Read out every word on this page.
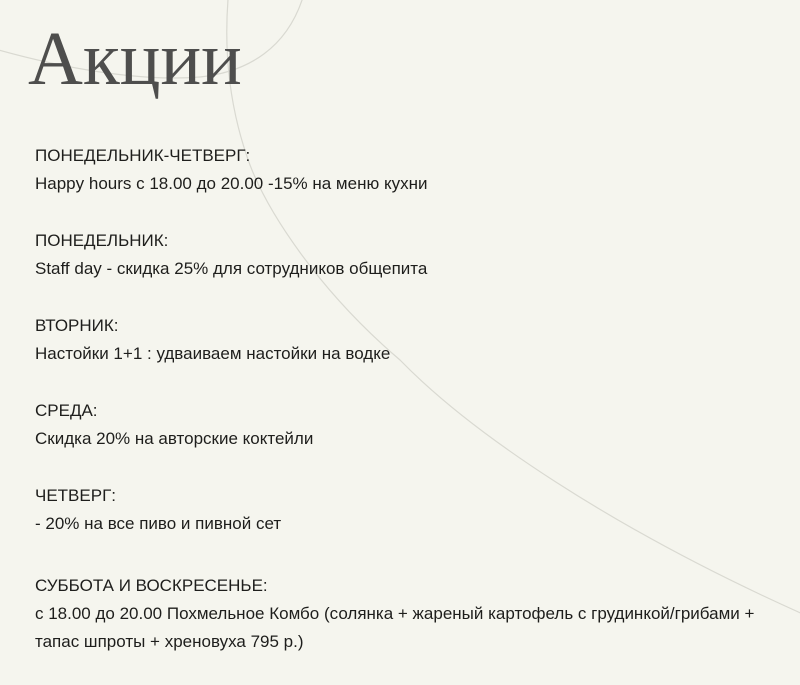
Акции

ПОНЕДЕЛЬНИК-ЧЕТВЕРГ:

Happy hours с 18.00 до 20.00 -15% на меню кухни

ПОНЕДЕЛЬНИК:

Staff day - скидка 25% для сотрудников общепита

ВТОРНИК:

Настойки 1+1 : удваиваем настойки на водке

СРЕДА:

Скидка 20% на авторские коктейли

ЧЕТВЕРГ:

- 20% на все пиво и пивной сет

СУББОТА И ВОСКРЕСЕНЬЕ:

с 18.00 до 20.00 Похмельное Комбо (солянка + жареный картофель с грудинкой/грибами + тапас шпроты + хреновуха 795 р.)
